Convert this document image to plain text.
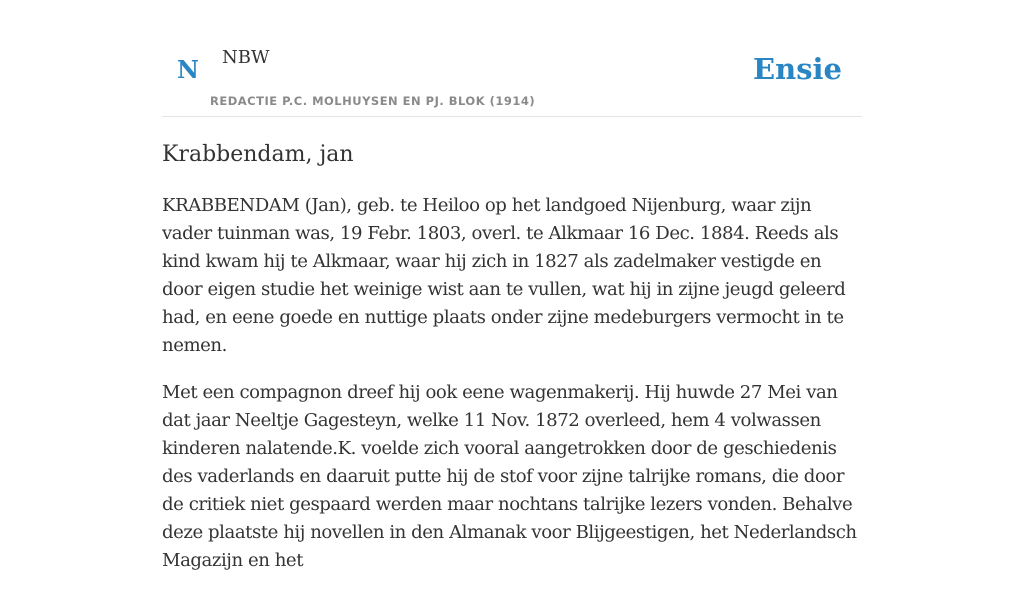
N NBW
REDACTIE P.C. MOLHUYSEN EN PJ. BLOK (1914)
Ensie
Krabbendam, jan

KRABBENDAM (Jan), geb. te Heiloo op het landgoed Nijenburg, waar zijn vader tuinman was, 19 Febr. 1803, overl. te Alkmaar 16 Dec. 1884. Reeds als kind kwam hij te Alkmaar, waar hij zich in 1827 als zadelmaker vestigde en door eigen studie het weinige wist aan te vullen, wat hij in zijne jeugd geleerd had, en eene goede en nuttige plaats onder zijne medeburgers vermocht in te nemen.

Met een compagnon dreef hij ook eene wagenmakerij. Hij huwde 27 Mei van dat jaar Neeltje Gagesteyn, welke 11 Nov. 1872 overleed, hem 4 volwassen kinderen nalatende.K. voelde zich vooral aangetrokken door de geschiedenis des vaderlands en daaruit putte hij de stof voor zijne talrijke romans, die door de critiek niet gespaard werden maar nochtans talrijke lezers vonden. Behalve deze plaatste hij novellen in den Almanak voor Blijgeestigen, het Nederlandsch Magazijn en het
